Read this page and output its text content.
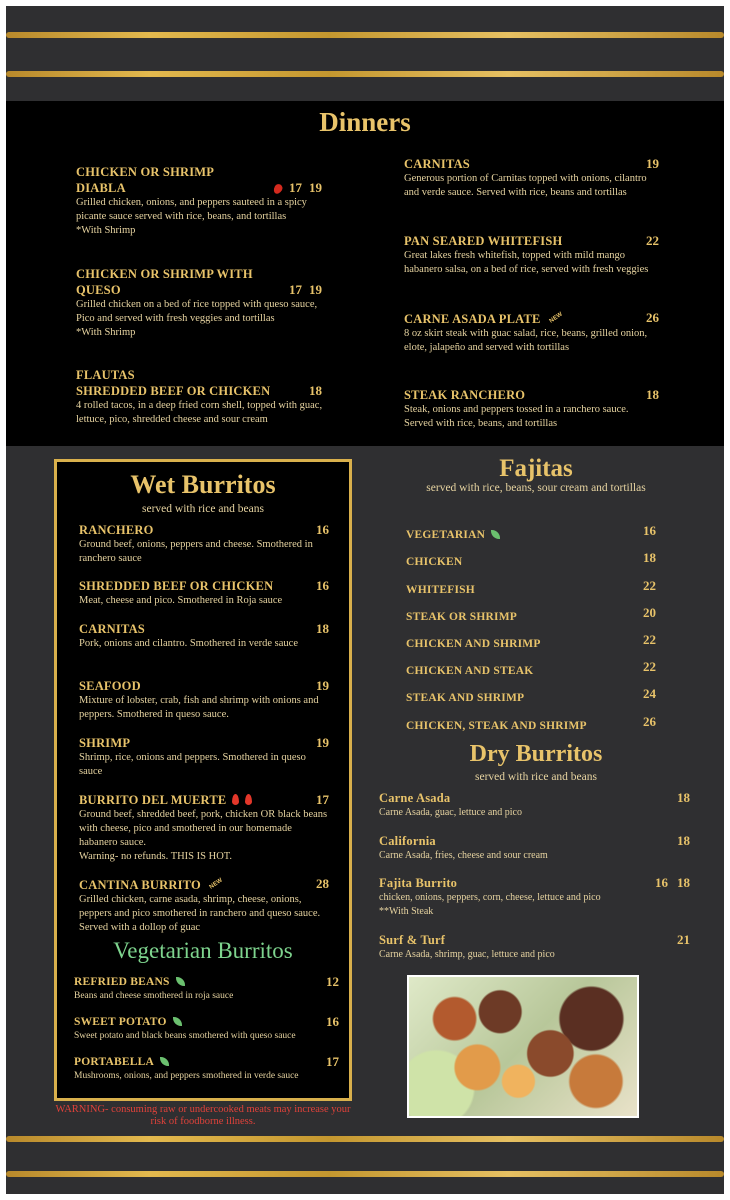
Dinners
CHICKEN OR SHRIMP
DIABLA	17 19
Grilled chicken, onions, and peppers sauteed in a spicy picante sauce served with rice, beans, and tortillas
*With Shrimp
CHICKEN OR SHRIMP WITH
QUESO	17 19
Grilled chicken on a bed of rice topped with queso sauce, Pico and served with fresh veggies and tortillas
*With Shrimp
FLAUTAS
SHREDDED BEEF OR CHICKEN	18
4 rolled tacos, in a deep fried corn shell, topped with guac, lettuce, pico, shredded cheese and sour cream
CARNITAS	19
Generous portion of Carnitas topped with onions, cilantro and verde sauce. Served with rice, beans and tortillas
PAN SEARED WHITEFISH	22
Great lakes fresh whitefish, topped with mild mango habanero salsa, on a bed of rice, served with fresh veggies
CARNE ASADA PLATE NEW	26
8 oz skirt steak with guac salad, rice, beans, grilled onion, elote, jalapeño and served with tortillas
STEAK RANCHERO	18
Steak, onions and peppers tossed in a ranchero sauce. Served with rice, beans, and tortillas
Wet Burritos
served with rice and beans
RANCHERO	16
Ground beef, onions, peppers and cheese. Smothered in ranchero sauce
SHREDDED BEEF OR CHICKEN	16
Meat, cheese and pico. Smothered in Roja sauce
CARNITAS	18
Pork, onions and cilantro. Smothered in verde sauce
SEAFOOD	19
Mixture of lobster, crab, fish and shrimp with onions and peppers. Smothered in queso sauce.
SHRIMP	19
Shrimp, rice, onions and peppers. Smothered in queso sauce
BURRITO DEL MUERTE	17
Ground beef, shredded beef, pork, chicken OR black beans with cheese, pico and smothered in our homemade habanero sauce.
Warning- no refunds. THIS IS HOT.
CANTINA BURRITO NEW	28
Grilled chicken, carne asada, shrimp, cheese, onions, peppers and pico smothered in ranchero and queso sauce. Served with a dollop of guac
Vegetarian Burritos
REFRIED BEANS	12
Beans and cheese smothered in roja sauce
SWEET POTATO	16
Sweet potato and black beans smothered with queso sauce
PORTABELLA	17
Mushrooms, onions, and peppers smothered in verde sauce
WARNING- consuming raw or undercooked meats may increase your risk of foodborne illness.
Fajitas
served with rice, beans, sour cream and tortillas
VEGETARIAN	16
CHICKEN	18
WHITEFISH	22
STEAK OR SHRIMP	20
CHICKEN AND SHRIMP	22
CHICKEN AND STEAK	22
STEAK AND SHRIMP	24
CHICKEN, STEAK AND SHRIMP	26
Dry Burritos
served with rice and beans
Carne Asada	18
Carne Asada, guac, lettuce and pico
California	18
Carne Asada, fries, cheese and sour cream
Fajita Burrito	16 18
chicken, onions, peppers, corn, cheese, lettuce and pico
**With Steak
Surf & Turf	21
Carne Asada, shrimp, guac, lettuce and pico
